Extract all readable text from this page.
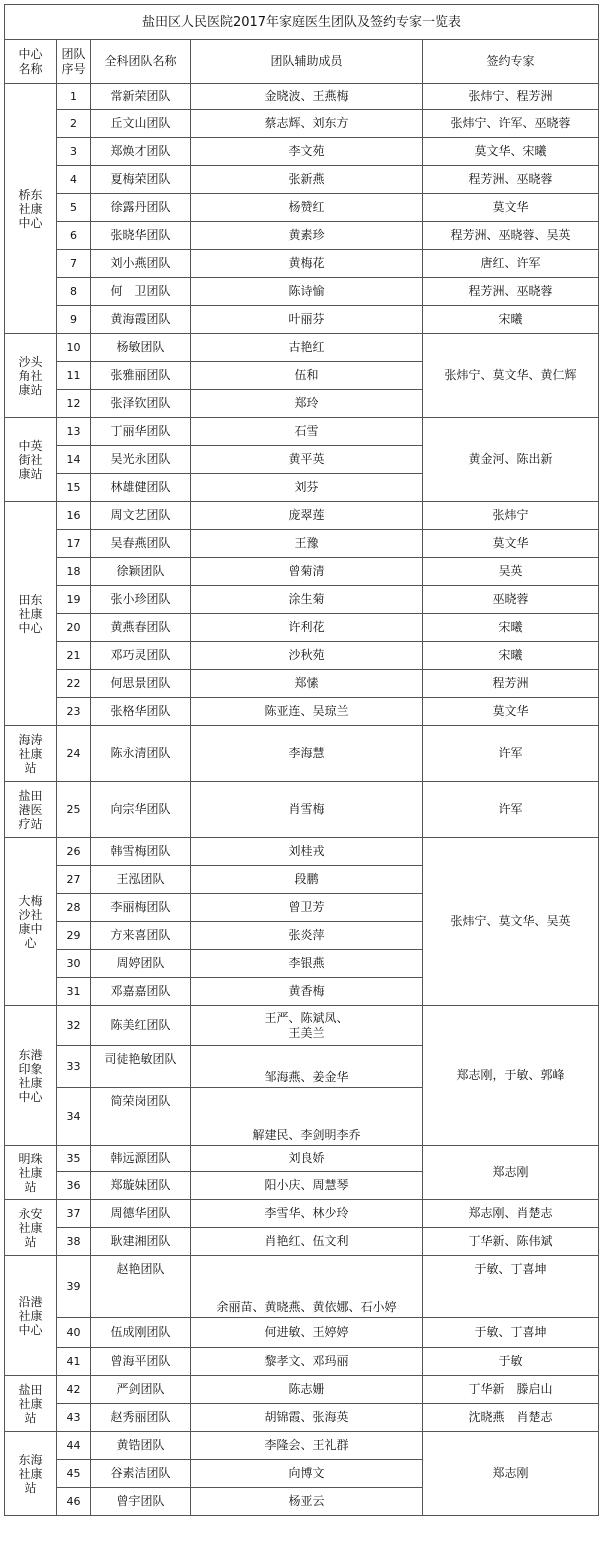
盐田区人民医院2017年家庭医生团队及签约专家一览表				
中心
名称	团队
序号	全科团队名称	团队辅助成员	签约专家
桥东
社康
中心	1	常新荣团队	金晓波、王燕梅	张炜宁、程芳洲
	2	丘文山团队	蔡志辉、刘东方	张炜宁、许军、巫晓蓉
	3	郑焕才团队	李文苑	莫文华、宋曦
	4	夏梅荣团队	张新燕	程芳洲、巫晓蓉
	5	徐露丹团队	杨赞红	莫文华
	6	张晓华团队	黄素珍	程芳洲、巫晓蓉、吴英
	7	刘小燕团队	黄梅花	唐红、许军
	8	何　卫团队	陈诗愉	程芳洲、巫晓蓉
	9	黄海霞团队	叶丽芬	宋曦
沙头
角社
康站	10	杨敏团队	古艳红	张炜宁、莫文华、黄仁辉
	11	张雅丽团队	伍和	
	12	张泽钦团队	郑玲	
中英
街社
康站	13	丁丽华团队	石雪	黄金河、陈出新
	14	吴光永团队	黄平英	
	15	林雄健团队	刘芬	
田东
社康
中心	16	周文艺团队	庞翠莲	张炜宁
	17	吴春燕团队	王豫	莫文华
	18	徐颖团队	曾菊清	吴英
	19	张小珍团队	涂生菊	巫晓蓉
	20	黄燕春团队	许利花	宋曦
	21	邓巧灵团队	沙秋苑	宋曦
	22	何思景团队	郑愫	程芳洲
	23	张格华团队	陈亚连、吴琼兰	莫文华
海涛
社康
站	24	陈永清团队	李海慧	许军
盐田
港医
疗站	25	向宗华团队	肖雪梅	许军
大梅
沙社
康中
心	26	韩雪梅团队	刘桂戎	张炜宁、莫文华、吴英
	27	王泓团队	段鹏	
	28	李丽梅团队	曾卫芳	
	29	方来喜团队	张炎萍	
	30	周婷团队	李银燕	
	31	邓嘉嘉团队	黄香梅	
东港
印象
社康
中心	32	陈美红团队	王严、陈斌凤、
王美兰	郑志刚，于敏、郭峰
	33	司徒艳敏团队	邹海燕、姜金华	
	34	简荣岗团队	解建民、李剑明李乔	
明珠
社康
站	35	韩远源团队	刘良娇	郑志刚
	36	郑璇妹团队	阳小庆、周慧琴	
永安
社康
站	37	周德华团队	李雪华、林少玲	郑志刚、肖楚志
	38	耿建湘团队	肖艳红、伍文利	丁华新、陈伟斌
沿港
社康
中心	39	赵艳团队	余丽苗、黄晓燕、黄依娜、石小婷	于敏、丁喜坤
	40	伍成刚团队	何进敏、王婷婷	于敏、丁喜坤
	41	曾海平团队	黎孝文、邓玛丽	于敏
盐田
社康
站	42	严剑团队	陈志姗	丁华新　滕启山
	43	赵秀丽团队	胡锦霞、张海英	沈晓燕　肖楚志
东海
社康
站	44	黄锆团队	李隆会、王礼群	郑志刚
	45	谷素洁团队	向博文	
	46	曾宇团队	杨亚云	
